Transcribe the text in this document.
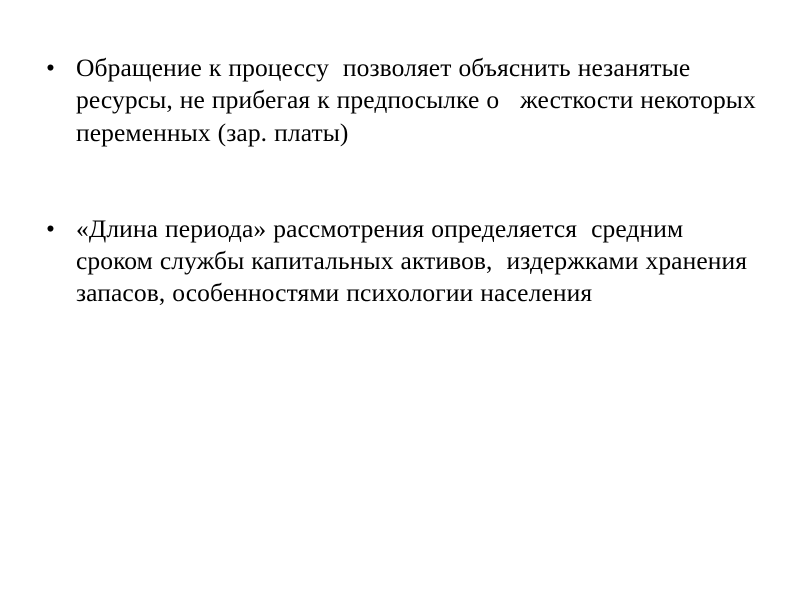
• Обращение к процессу  позволяет объяснить незанятые ресурсы, не прибегая к предпосылке о   жесткости некоторых переменных (зар. платы)
• «Длина периода» рассмотрения определяется  средним сроком службы капитальных активов,  издержками хранения запасов, особенностями психологии населения
